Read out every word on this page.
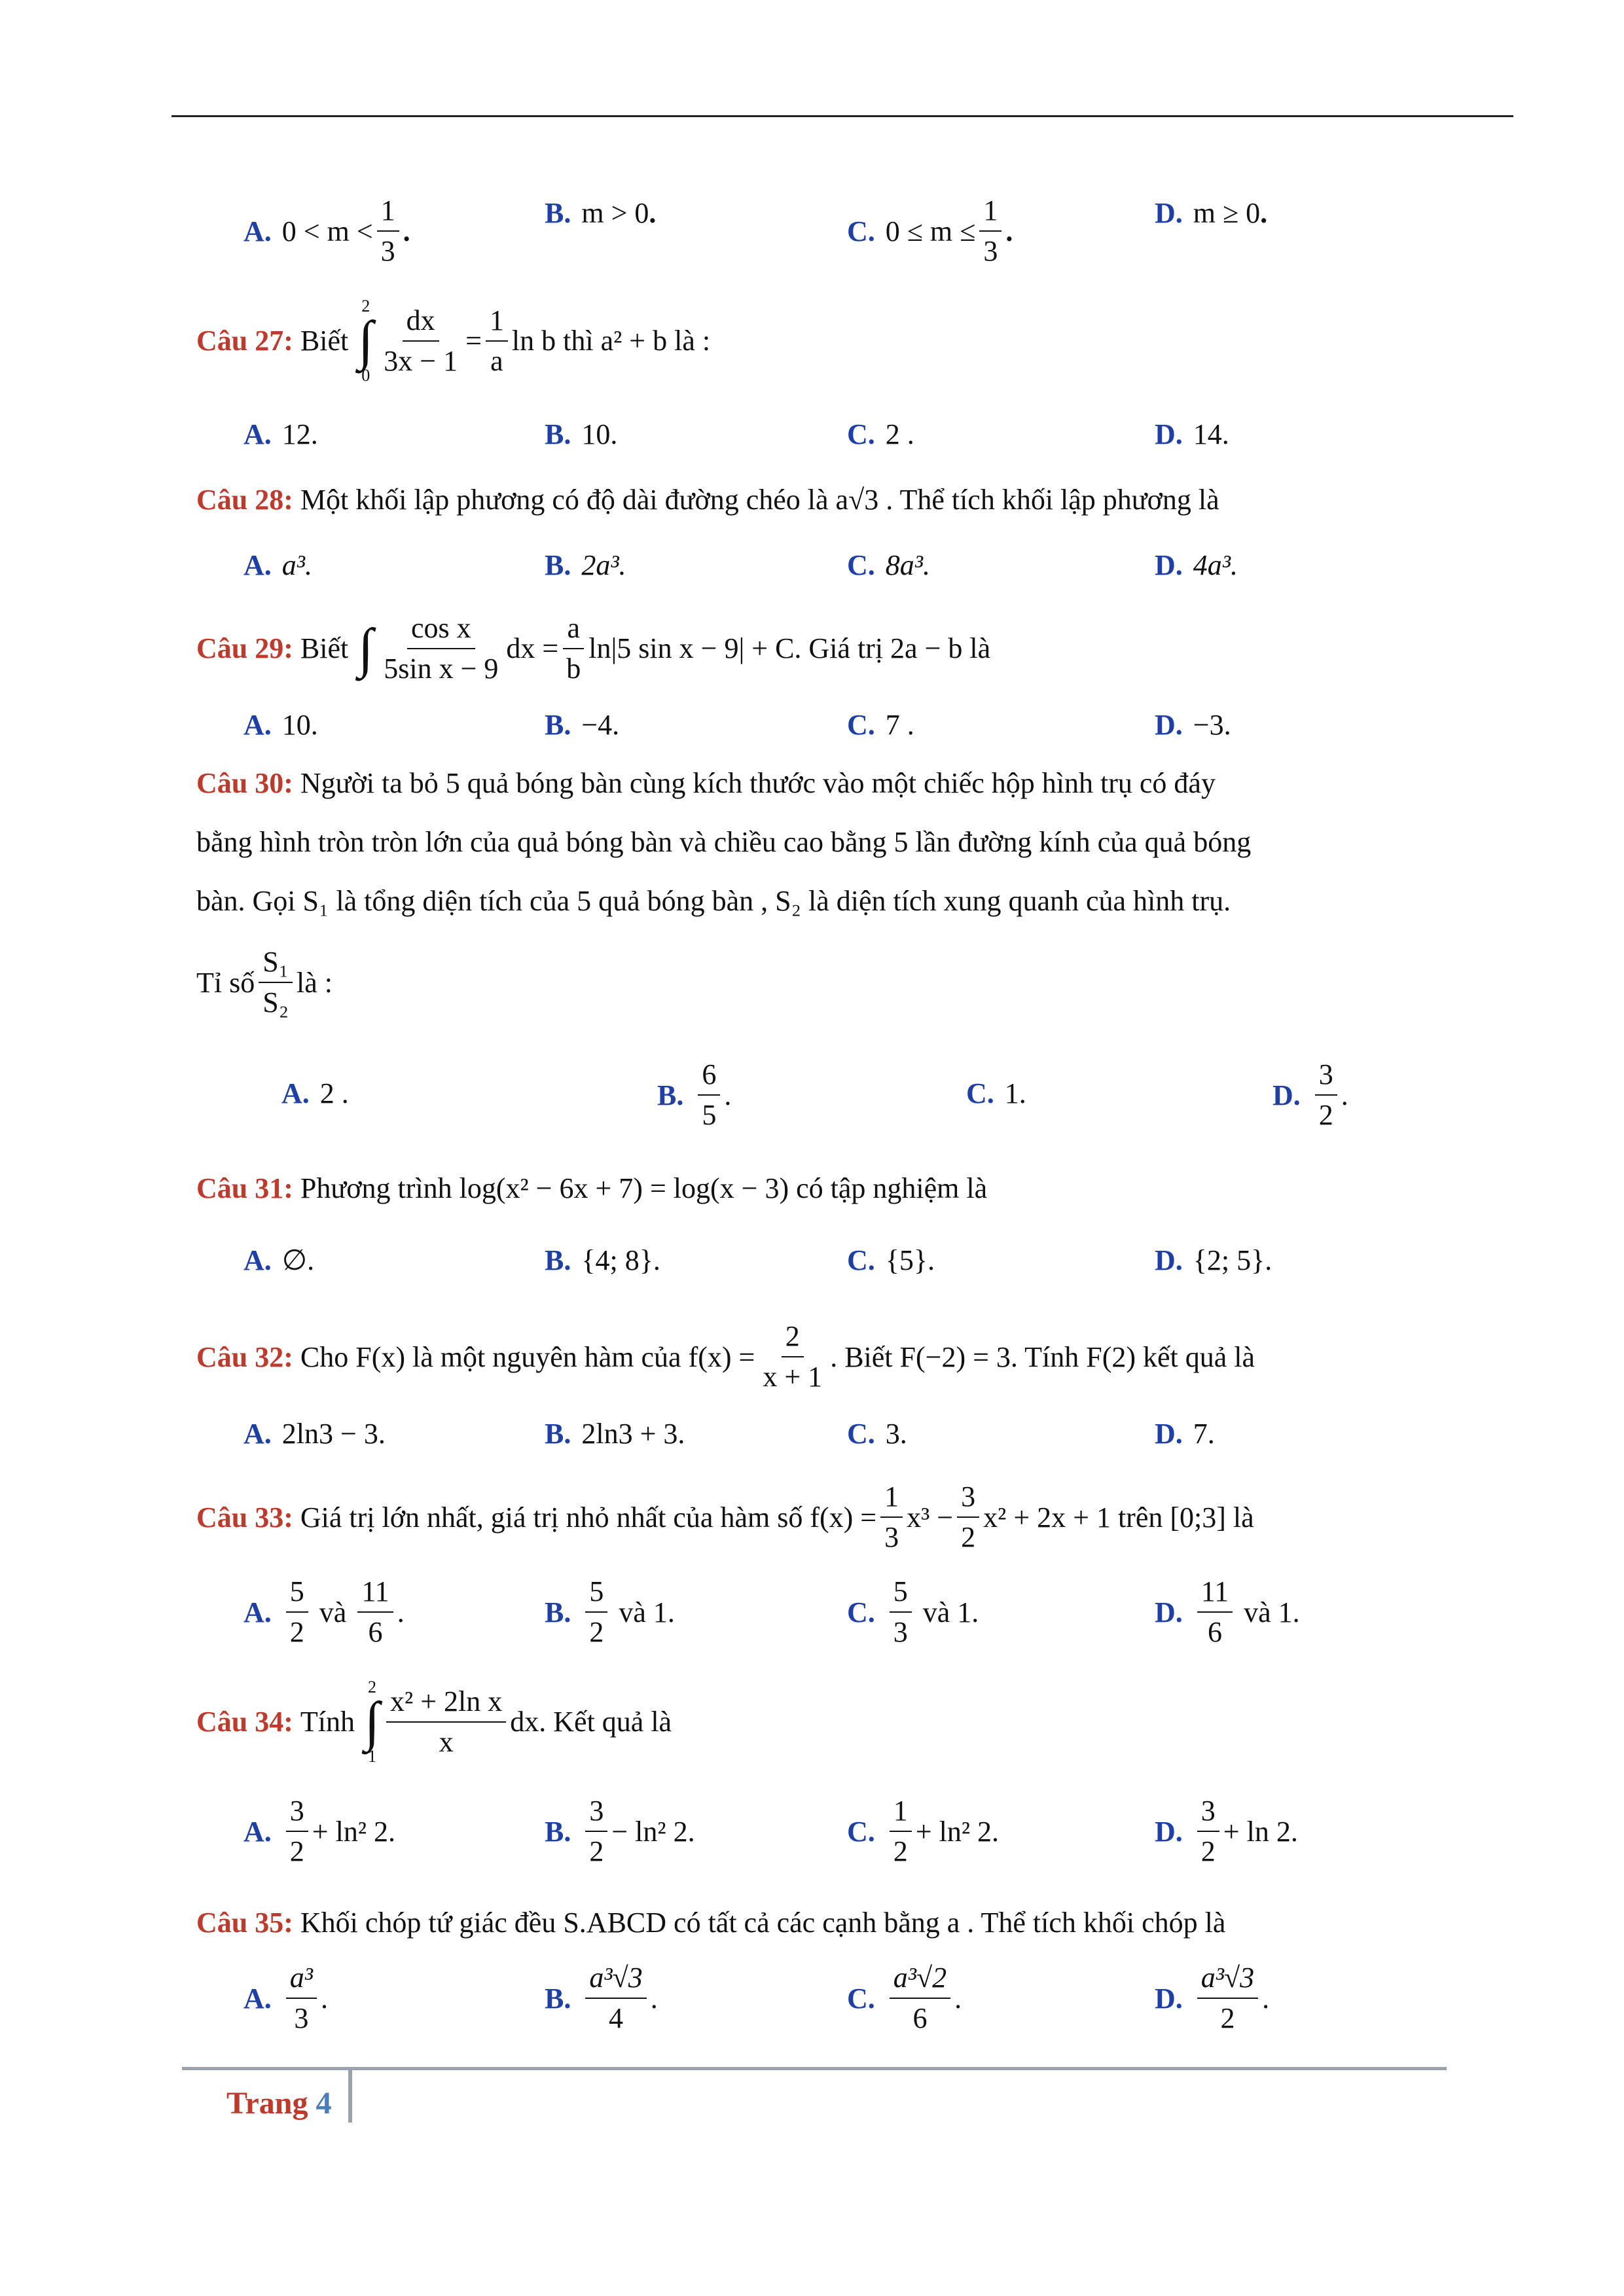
A. $0 < m < \frac{1}{3}$ .
B. m > 0 .
C. $0 \le m \le \frac{1}{3}$ .
D. m ≥ 0 .
Câu 27:
Biết

2
∫
$0 \frac{dx}{3x - 1} = \frac{1}{a}$ ln b thì a² + b là :
A. 12.	B. 10.	C. 2 .	D. 14.
Câu 28: Một khối lập phương có độ dài đường chéo là a√3 . Thể tích khối lập phương là
A. a³.	B. 2a³.	C. 8a³.	D. 4a³.
Câu 29:
Biết

∫
$\frac{\text{cos x}}{\text{5sin x − 9}}$ dx = $\frac{a}{b} \ln|5$ sin x − 9| + C. Giá trị 2a − b là
A. 10.	B. −4.	C. 7 .	D. −3.
Câu 30: Người ta bỏ 5 quả bóng bàn cùng kích thước vào một chiếc hộp hình trụ có đáy
bằng hình tròn tròn lớn của quả bóng bàn và chiều cao bằng 5 lần đường kính của quả bóng
bàn. Gọi S₁ là tổng diện tích của 5 quả bóng bàn , S₂ là diện tích xung quanh của hình trụ.
Tỉ số $\frac{\text{S₁}}{\text{S₂}}$ là :
A. 2 .	B. $\frac{6}{5}$ .	C. 1.	D. $\frac{3}{2}$ .
Câu 31: Phương trình log(x² − 6x + 7) = log(x − 3) có tập nghiệm là
A. ∅.	B. {4; 8}.	C. {5}.	D. {2; 5}.
Câu 32:
Cho F(x) là một nguyên hàm của $f(x) = \frac{2}{x + 1}$ . Biết F(−2) = 3. Tính F(2) kết quả là
A. 2ln3 − 3.	B. 2ln3 + 3.	C. 3.	D. 7.
Câu 33:
Giá trị lớn nhất, giá trị nhỏ nhất của hàm số $f(x) = \frac{1}{3} x^3 - \frac{3}{2} x^2 + 2x + 1$ trên [0;3] là
A. $\frac{5}{2}$
và
$\frac{11}{6}$ .	B. $\frac{5}{2}$
và 1.	C. $\frac{5}{3}$
và 1.	D. $\frac{11}{6}$
và 1.
Câu 34:
Tính

2
∫
$1 \frac{\text{x² + 2ln x}}{x}$ dx. Kết quả là
A. $\frac{3}{2} + \ln^2$ 2.	B. $\frac{3}{2} - \ln^2$ 2.	C. $\frac{1}{2} + \ln^2$ 2.	D. $\frac{3}{2} + \ln 2$.
Câu 35: Khối chóp tứ giác đều S.ABCD có tất cả các cạnh bằng a . Thể tích khối chóp là
A. $\frac{\text{a³}}{3}$ .	B. $\frac{\text{a³√3}}{4}$ .	C. $\frac{\text{a³√2}}{6}$ .	D. $\frac{\text{a³√3}}{2}$ .
Trang 4
